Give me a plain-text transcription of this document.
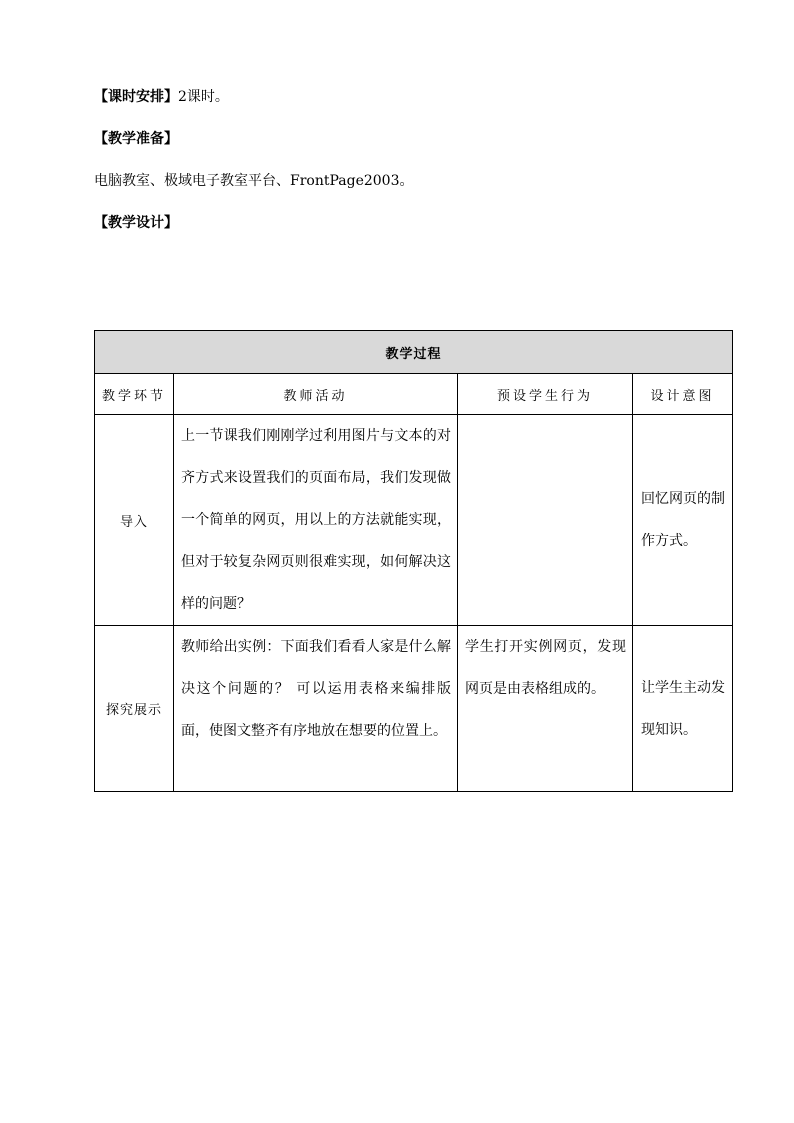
【课时安排】2课时。
【教学准备】
电脑教室、极域电子教室平台、FrontPage2003。
【教学设计】
教学过程			
教学环节	教师活动	预设学生行为	设计意图
导入	上一节课我们刚刚学过利用图片与文本的对齐方式来设置我们的页面布局，我们发现做一个简单的网页，用以上的方法就能实现，但对于较复杂网页则很难实现，如何解决这样的问题？		回忆网页的制作方式。
探究展示	教师给出实例：下面我们看看人家是什么解决这个问题的？ 可以运用表格来编排版面，使图文整齐有序地放在想要的位置上。	学生打开实例网页，发现网页是由表格组成的。	让学生主动发现知识。
